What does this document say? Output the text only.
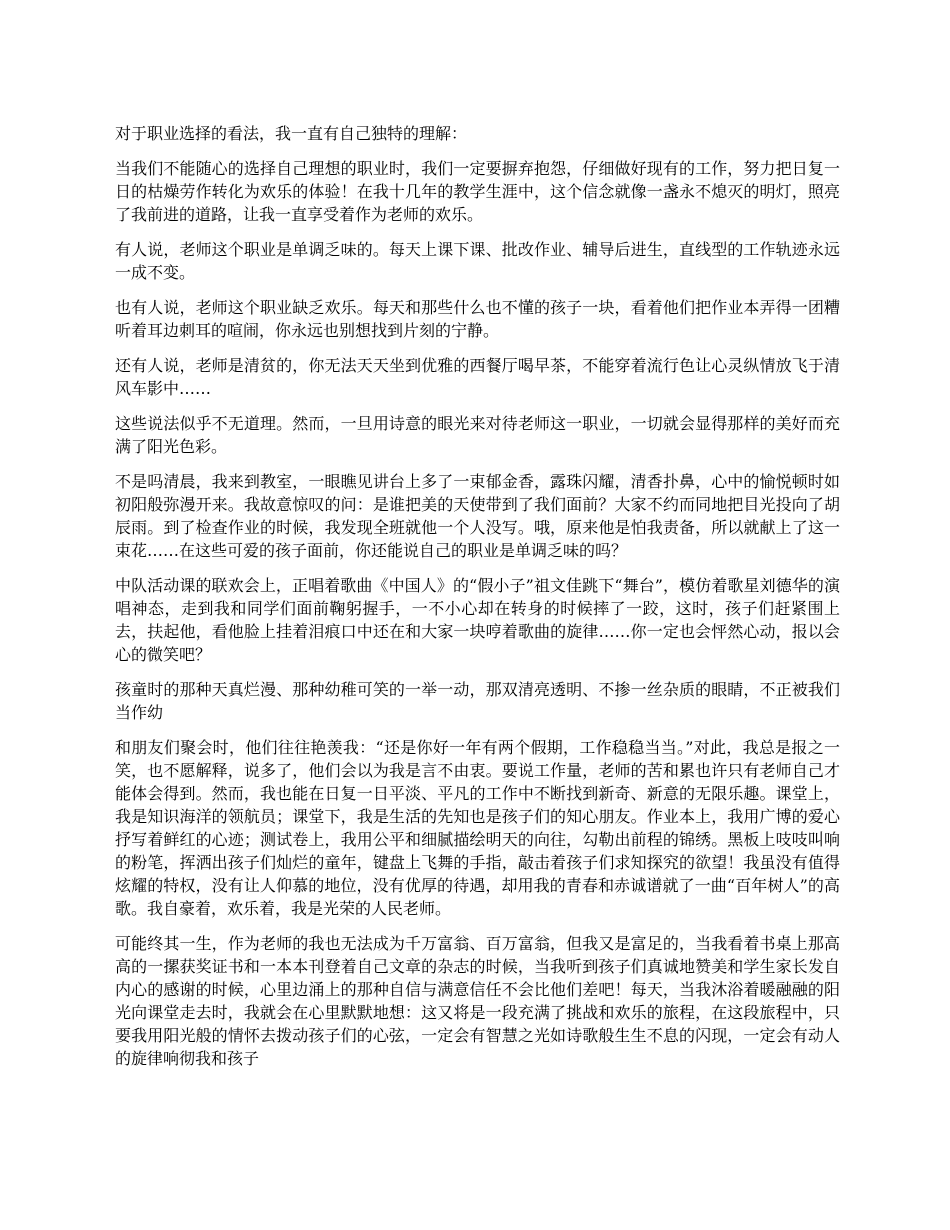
对于职业选择的看法，我一直有自己独特的理解：

当我们不能随心的选择自己理想的职业时，我们一定要摒弃抱怨，仔细做好现有的工作，努力把日复一日的枯燥劳作转化为欢乐的体验！在我十几年的教学生涯中，这个信念就像一盏永不熄灭的明灯，照亮了我前进的道路，让我一直享受着作为老师的欢乐。

有人说，老师这个职业是单调乏味的。每天上课下课、批改作业、辅导后进生，直线型的工作轨迹永远一成不变。

也有人说，老师这个职业缺乏欢乐。每天和那些什么也不懂的孩子一块，看着他们把作业本弄得一团糟听着耳边刺耳的喧闹，你永远也别想找到片刻的宁静。

还有人说，老师是清贫的，你无法天天坐到优雅的西餐厅喝早茶，不能穿着流行色让心灵纵情放飞于清风车影中……

这些说法似乎不无道理。然而，一旦用诗意的眼光来对待老师这一职业，一切就会显得那样的美好而充满了阳光色彩。

不是吗清晨，我来到教室，一眼瞧见讲台上多了一束郁金香，露珠闪耀，清香扑鼻，心中的愉悦顿时如初阳般弥漫开来。我故意惊叹的问：是谁把美的天使带到了我们面前？大家不约而同地把目光投向了胡辰雨。到了检查作业的时候，我发现全班就他一个人没写。哦，原来他是怕我责备，所以就献上了这一束花……在这些可爱的孩子面前，你还能说自己的职业是单调乏味的吗？

中队活动课的联欢会上，正唱着歌曲《中国人》的“假小子”祖文佳跳下“舞台”，模仿着歌星刘德华的演唱神态，走到我和同学们面前鞠躬握手，一不小心却在转身的时候摔了一跤，这时，孩子们赶紧围上去，扶起他，看他脸上挂着泪痕口中还在和大家一块哼着歌曲的旋律……你一定也会怦然心动，报以会心的微笑吧？

孩童时的那种天真烂漫、那种幼稚可笑的一举一动，那双清亮透明、不掺一丝杂质的眼睛，不正被我们当作幼

和朋友们聚会时，他们往往艳羡我：“还是你好一年有两个假期，工作稳稳当当。”对此，我总是报之一笑，也不愿解释，说多了，他们会以为我是言不由衷。要说工作量，老师的苦和累也许只有老师自己才能体会得到。然而，我也能在日复一日平淡、平凡的工作中不断找到新奇、新意的无限乐趣。课堂上，我是知识海洋的领航员；课堂下，我是生活的先知也是孩子们的知心朋友。作业本上，我用广博的爱心抒写着鲜红的心迹；测试卷上，我用公平和细腻描绘明天的向往，勾勒出前程的锦绣。黑板上吱吱叫响的粉笔，挥洒出孩子们灿烂的童年，键盘上飞舞的手指，敲击着孩子们求知探究的欲望！我虽没有值得炫耀的特权，没有让人仰慕的地位，没有优厚的待遇，却用我的青春和赤诚谱就了一曲“百年树人”的高歌。我自豪着，欢乐着，我是光荣的人民老师。

可能终其一生，作为老师的我也无法成为千万富翁、百万富翁，但我又是富足的，当我看着书桌上那高高的一摞获奖证书和一本本刊登着自己文章的杂志的时候，当我听到孩子们真诚地赞美和学生家长发自内心的感谢的时候，心里边涌上的那种自信与满意信任不会比他们差吧！每天，当我沐浴着暖融融的阳光向课堂走去时，我就会在心里默默地想：这又将是一段充满了挑战和欢乐的旅程，在这段旅程中，只要我用阳光般的情怀去拨动孩子们的心弦，一定会有智慧之光如诗歌般生生不息的闪现，一定会有动人的旋律响彻我和孩子
